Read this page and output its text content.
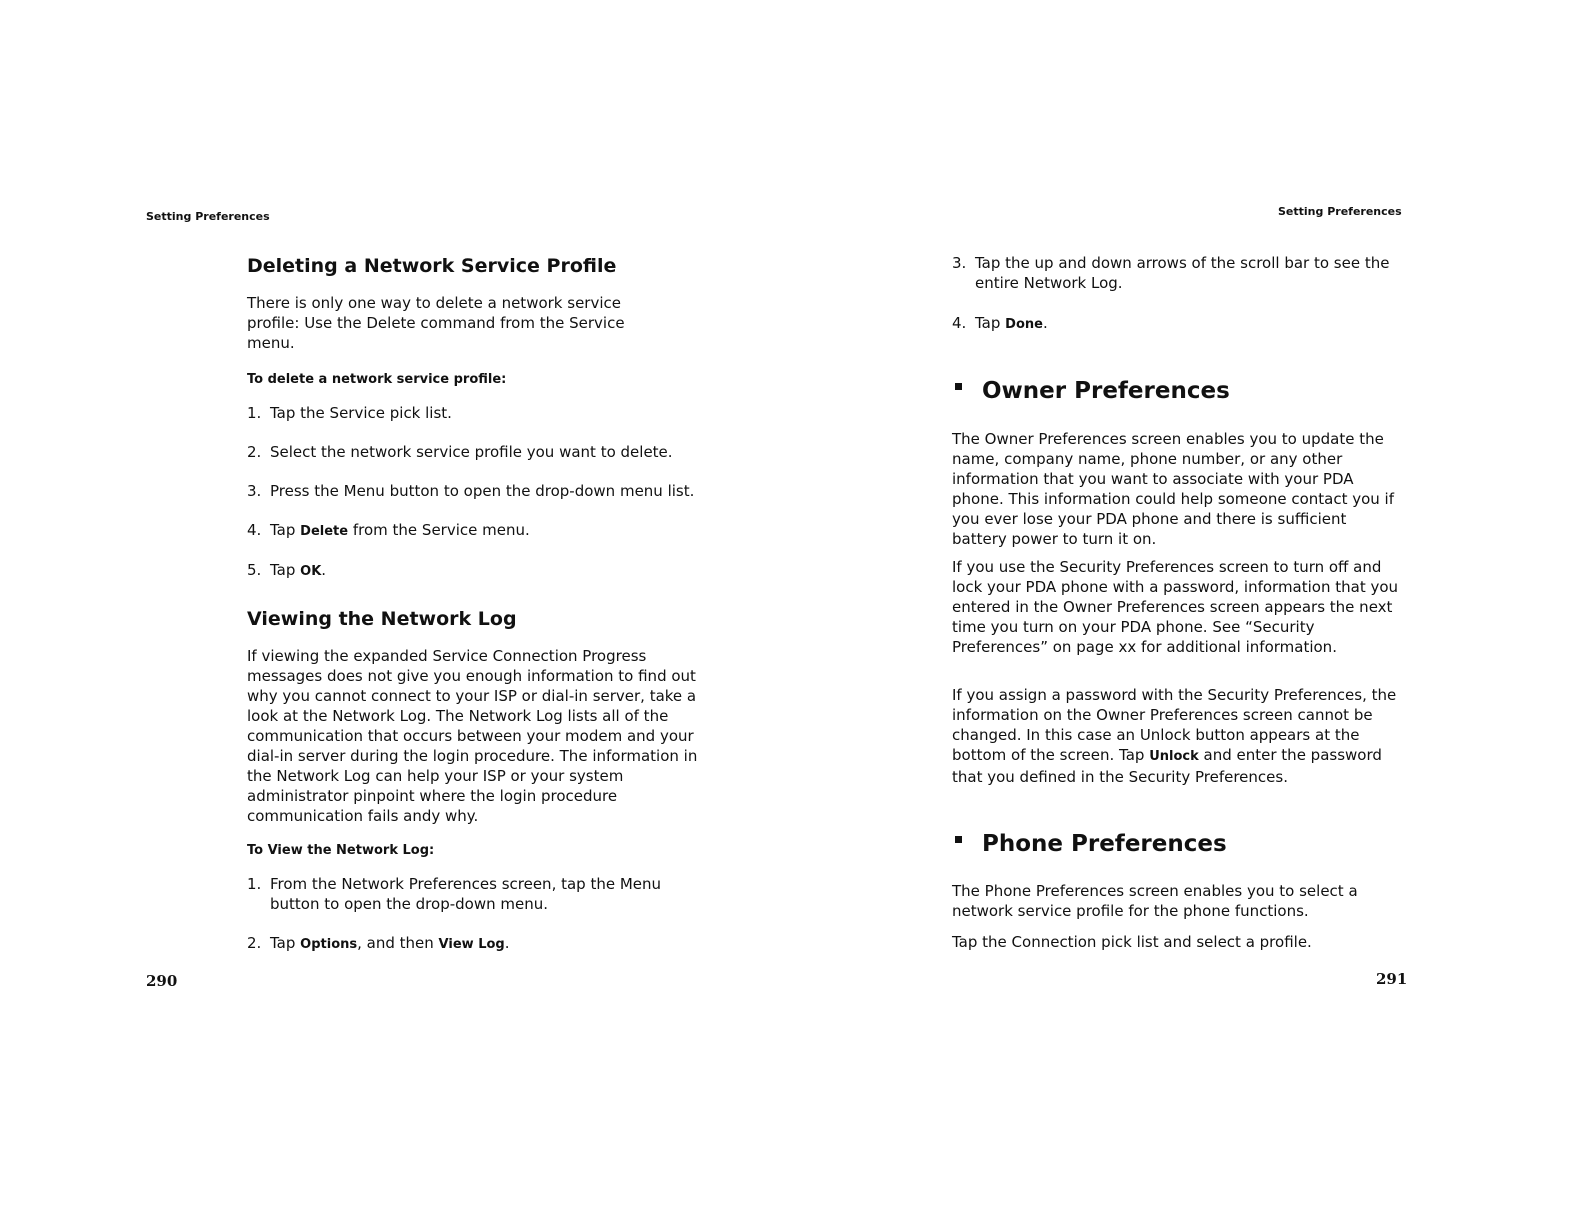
Setting Preferences
Deleting a Network Service Profile
There is only one way to delete a network service profile: Use the Delete command from the Service menu.
To delete a network service profile:
1. Tap the Service pick list.
2. Select the network service profile you want to delete.
3. Press the Menu button to open the drop-down menu list.
4. Tap Delete from the Service menu.
5. Tap OK.
Viewing the Network Log
If viewing the expanded Service Connection Progress messages does not give you enough information to find out why you cannot connect to your ISP or dial-in server, take a look at the Network Log. The Network Log lists all of the communication that occurs between your modem and your dial-in server during the login procedure. The information in the Network Log can help your ISP or your system administrator pinpoint where the login procedure communication fails andy why.
To View the Network Log:
1. From the Network Preferences screen, tap the Menu button to open the drop-down menu.
2. Tap Options, and then View Log.
290
Setting Preferences
3. Tap the up and down arrows of the scroll bar to see the entire Network Log.
4. Tap Done.
Owner Preferences
The Owner Preferences screen enables you to update the name, company name, phone number, or any other information that you want to associate with your PDA phone. This information could help someone contact you if you ever lose your PDA phone and there is sufficient battery power to turn it on.
If you use the Security Preferences screen to turn off and lock your PDA phone with a password, information that you entered in the Owner Preferences screen appears the next time you turn on your PDA phone. See “Security Preferences” on page xx for additional information.
If you assign a password with the Security Preferences, the information on the Owner Preferences screen cannot be changed. In this case an Unlock button appears at the bottom of the screen. Tap Unlock and enter the password that you defined in the Security Preferences.
Phone Preferences
The Phone Preferences screen enables you to select a network service profile for the phone functions.
Tap the Connection pick list and select a profile.
291
